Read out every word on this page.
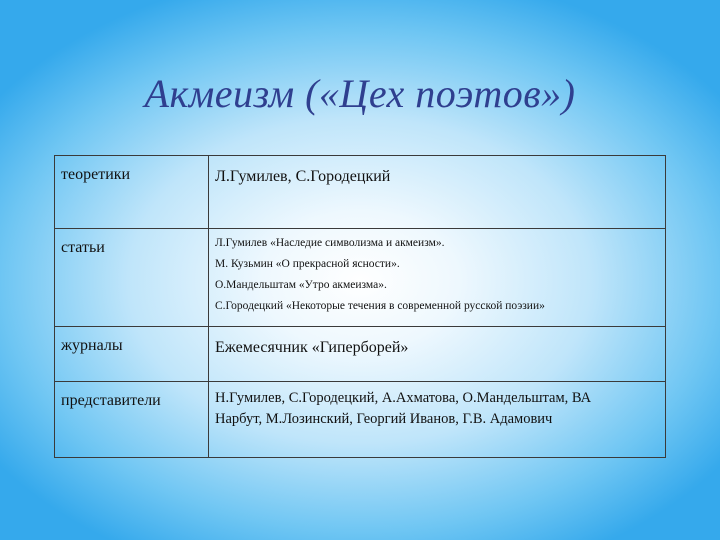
Акмеизм («Цех поэтов»)
теоретики	Л.Гумилев, С.Городецкий

статьи	Л.Гумилев «Наследие символизма и акмеизм».
М. Кузьмин «О прекрасной ясности».
О.Мандельштам «Утро акмеизма».
С.Городецкий «Некоторые течения в современной русской поэзии»

журналы	Ежемесячник «Гиперборей»

представители	Н.Гумилев, С.Городецкий, А.Ахматова, О.Мандельштам, ВА
Нарбут, М.Лозинский, Георгий Иванов, Г.В. Адамович
